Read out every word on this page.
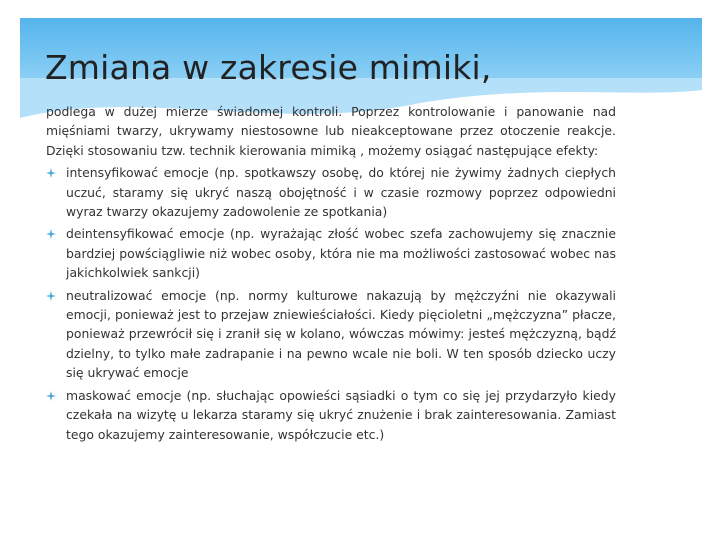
Zmiana w zakresie mimiki,

podlega w dużej mierze świadomej kontroli. Poprzez kontrolowanie i panowanie nad mięśniami twarzy, ukrywamy niestosowne lub nieakceptowane przez otoczenie reakcje. Dzięki stosowaniu tzw. technik kierowania mimiką , możemy osiągać następujące efekty:

intensyfikować emocje (np. spotkawszy osobę, do której nie żywimy żadnych ciepłych uczuć, staramy się ukryć naszą obojętność i w czasie rozmowy poprzez odpowiedni wyraz twarzy okazujemy zadowolenie ze spotkania)
deintensyfikować emocje (np. wyrażając złość wobec szefa zachowujemy się znacznie bardziej powściągliwie niż wobec osoby, która nie ma możliwości zastosować wobec nas jakichkolwiek sankcji)
neutralizować emocje (np. normy kulturowe nakazują by mężczyźni nie okazywali emocji, ponieważ jest to przejaw zniewieściałości. Kiedy pięcioletni „mężczyzna” płacze, ponieważ przewrócił się i zranił się w kolano, wówczas mówimy: jesteś mężczyzną, bądź dzielny, to tylko małe zadrapanie i na pewno wcale nie boli. W ten sposób dziecko uczy się ukrywać emocje
maskować emocje (np. słuchając opowieści sąsiadki o tym co się jej przydarzyło kiedy czekała na wizytę u lekarza staramy się ukryć znużenie i brak zainteresowania. Zamiast tego okazujemy zainteresowanie, współczucie etc.)
